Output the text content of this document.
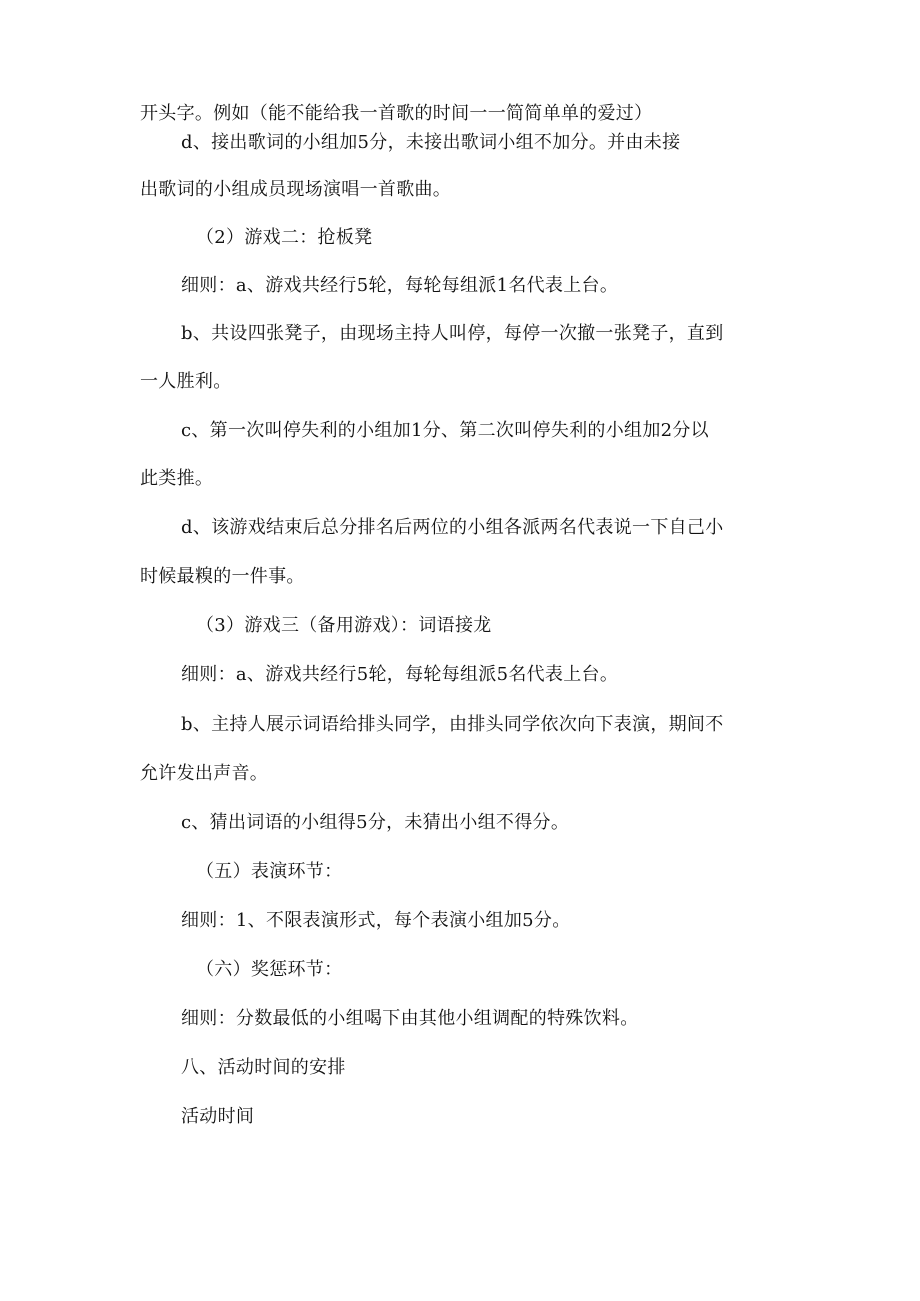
开头字。例如（能不能给我一首歌的时间一一简简单单的爱过）
d、接出歌词的小组加5分，未接出歌词小组不加分。并由未接
出歌词的小组成员现场演唱一首歌曲。
（2）游戏二：抢板凳
细则：a、游戏共经行5轮，每轮每组派1名代表上台。
b、共设四张凳子，由现场主持人叫停，每停一次撤一张凳子，直到
一人胜利。
c、第一次叫停失利的小组加1分、第二次叫停失利的小组加2分以
此类推。
d、该游戏结束后总分排名后两位的小组各派两名代表说一下自己小
时候最糗的一件事。
（3）游戏三（备用游戏）：词语接龙
细则：a、游戏共经行5轮，每轮每组派5名代表上台。
b、主持人展示词语给排头同学，由排头同学依次向下表演，期间不
允许发出声音。
c、猜出词语的小组得5分，未猜出小组不得分。
（五）表演环节：
细则：1、不限表演形式，每个表演小组加5分。
（六）奖惩环节：
细则：分数最低的小组喝下由其他小组调配的特殊饮料。
八、活动时间的安排
活动时间
